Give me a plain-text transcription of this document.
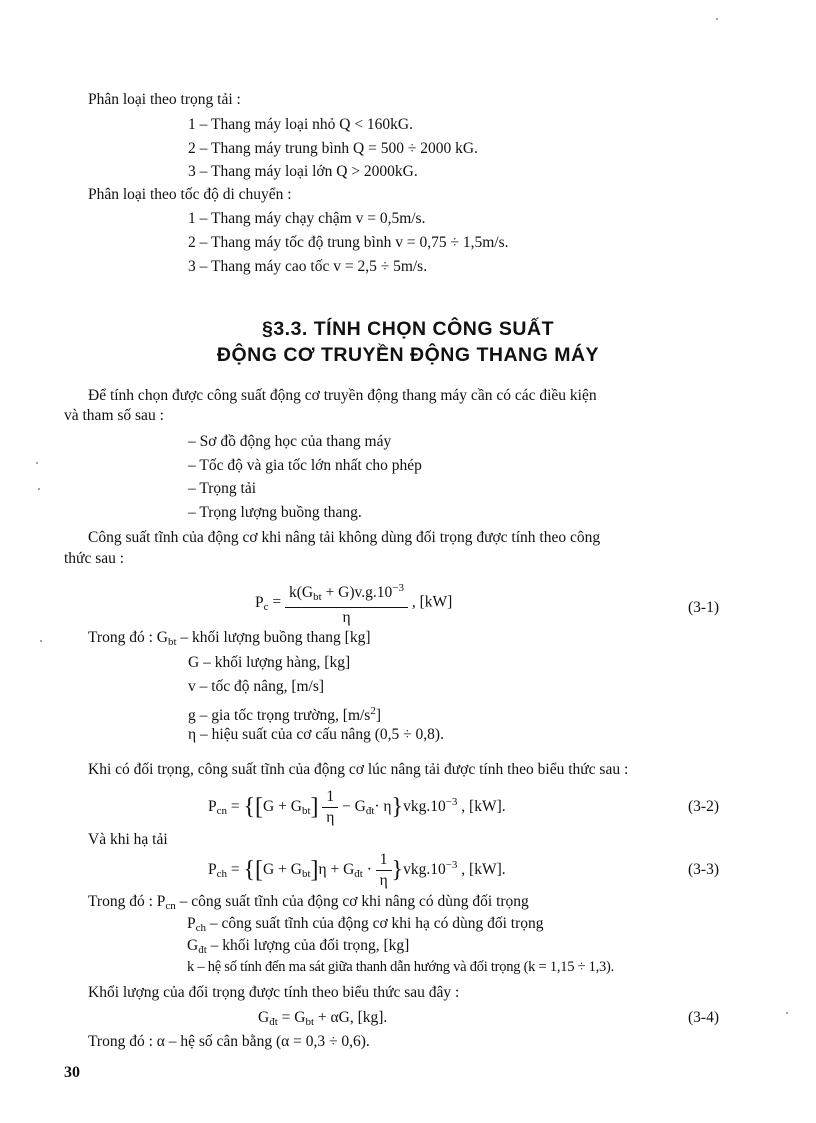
Phân loại theo trọng tải :
1 – Thang máy loại nhỏ Q < 160kG.
2 – Thang máy trung bình Q = 500 ÷ 2000 kG.
3 – Thang máy loại lớn Q > 2000kG.
Phân loại theo tốc độ di chuyển :
1 – Thang máy chạy chậm v = 0,5m/s.
2 – Thang máy tốc độ trung bình v = 0,75 ÷ 1,5m/s.
3 – Thang máy cao tốc v = 2,5 ÷ 5m/s.
§3.3. TÍNH CHỌN CÔNG SUẤT
ĐỘNG CƠ TRUYỀN ĐỘNG THANG MÁY
Để tính chọn được công suất động cơ truyền động thang máy cần có các điều kiện
và tham số sau :
– Sơ đồ động học của thang máy
– Tốc độ và gia tốc lớn nhất cho phép
– Trọng tải
– Trọng lượng buồng thang.
Công suất tĩnh của động cơ khi nâng tải không dùng đối trọng được tính theo công
thức sau :
$P_c = \frac{k(G_{bt} + G)v.g.10^{-3}}{\eta}$ , [kW]	(3-1)
Trong đó : $G_{bt}$ – khối lượng buồng thang [kg]
G – khối lượng hàng, [kg]
v – tốc độ nâng, [m/s]
g – gia tốc trọng trường, $[m/s^2]$
η – hiệu suất của cơ cấu nâng (0,5 ÷ 0,8).
Khi có đối trọng, công suất tĩnh của động cơ lúc nâng tải được tính theo biểu thức sau :
$P_{cn} = \{[G + G_{bt}] \frac{1}{\eta} - G_{đt}\cdot \eta\}vkg.10^{-3}$ , [kW].	(3-2)
Và khi hạ tải
$P_{ch} = \{[G + G_{bt}]\eta + G_{đt} \cdot \frac{1}{\eta} \}vkg.10^{-3}$ , [kW].	(3-3)
Trong đó : $P_{cn}$ – công suất tĩnh của động cơ khi nâng có dùng đối trọng
$P_{ch}$ – công suất tĩnh của động cơ khi hạ có dùng đối trọng
$G_{đt}$ – khối lượng của đối trọng, [kg]
k – hệ số tính đến ma sát giữa thanh dẫn hướng và đối trọng (k = 1,15 ÷ 1,3).
Khối lượng của đối trọng được tính theo biểu thức sau đây :
$G_{đt} = G_{bt} + \alpha G$, [kg].	(3-4)
Trong đó : α – hệ số cân bằng (α = 0,3 ÷ 0,6).
30
